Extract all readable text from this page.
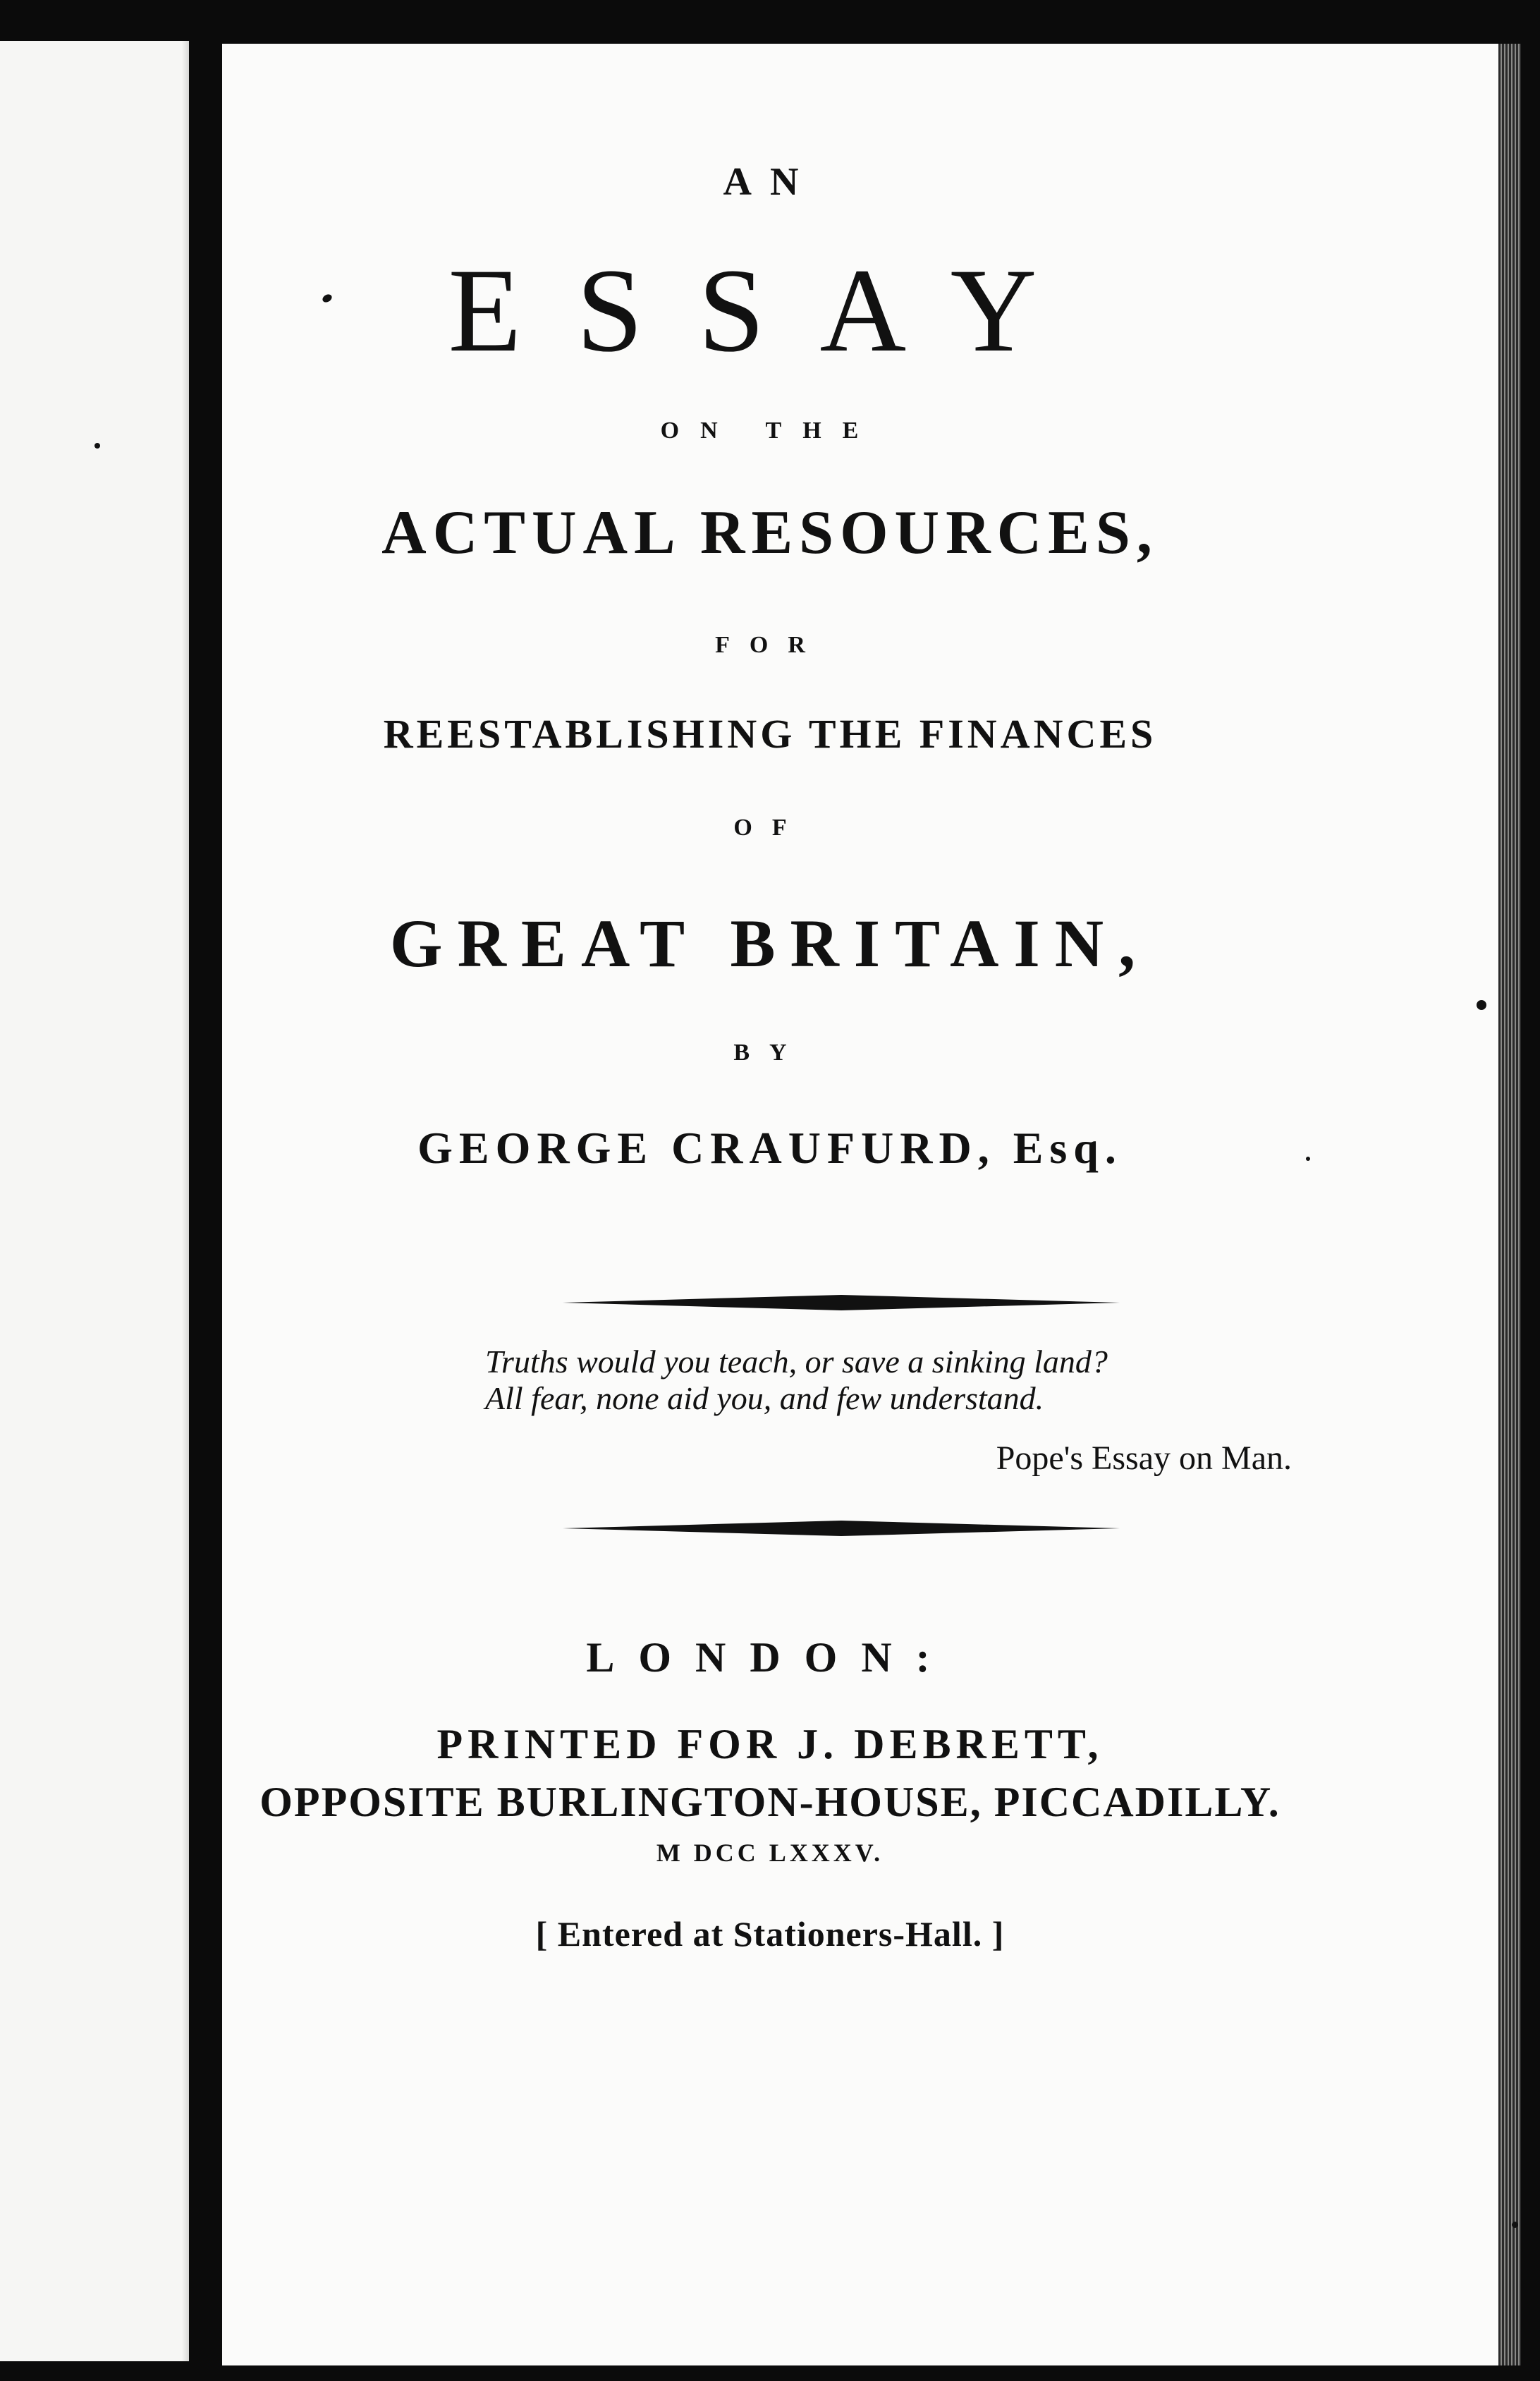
AN
ESSAY
ON THE
ACTUAL RESOURCES,
FOR
REESTABLISHING THE FINANCES
OF
GREAT BRITAIN,
BY
GEORGE CRAUFURD, Esq.
Truths would you teach, or save a sinking land?
All fear, none aid you, and few understand.
Pope's Essay on Man.
LONDON:
PRINTED FOR J. DEBRETT,
OPPOSITE BURLINGTON-HOUSE, PICCADILLY.
M DCC LXXXV.
[ Entered at Stationers-Hall. ]
